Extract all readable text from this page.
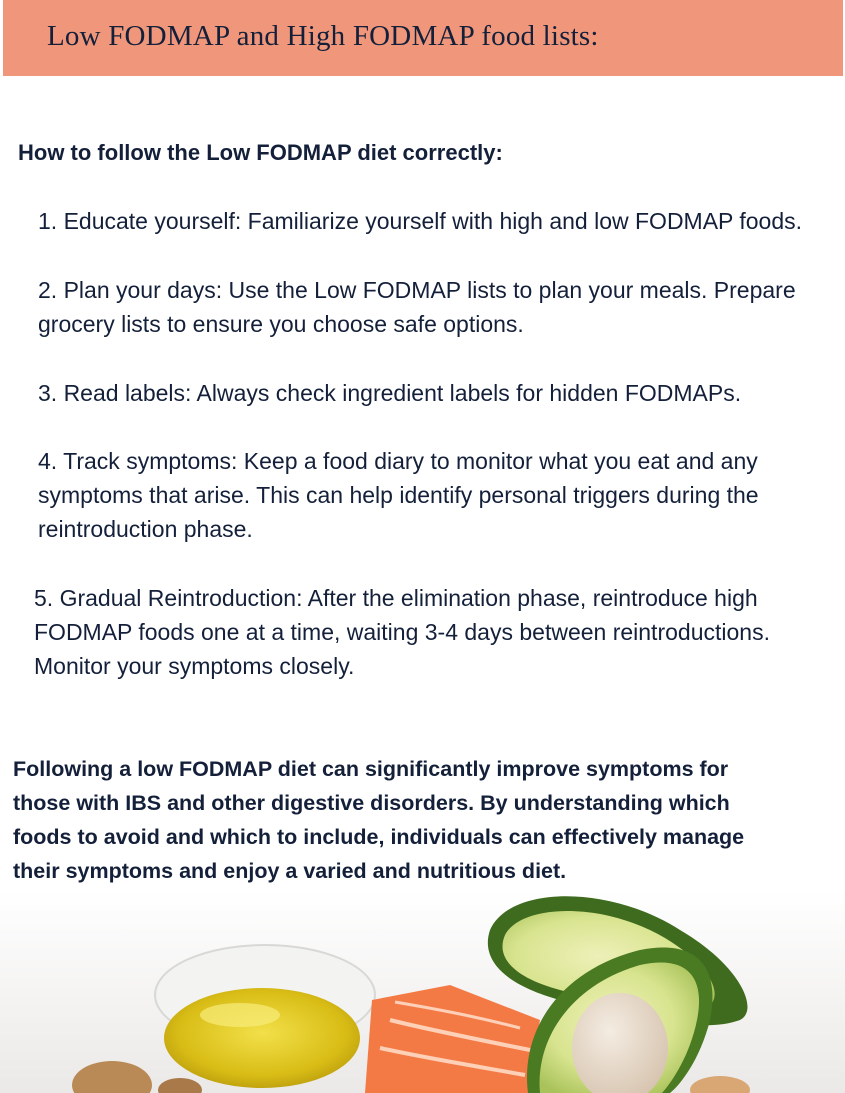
Low FODMAP and High FODMAP food lists:
How to follow the Low FODMAP diet correctly:

1. Educate yourself: Familiarize yourself with high and low FODMAP foods.

2. Plan your days: Use the Low FODMAP lists to plan your meals. Prepare
grocery lists to ensure you choose safe options.

3. Read labels: Always check ingredient labels for hidden FODMAPs.

4. Track symptoms: Keep a food diary to monitor what you eat and any
symptoms that arise. This can help identify personal triggers during the
reintroduction phase.

5. Gradual Reintroduction: After the elimination phase, reintroduce high
FODMAP foods one at a time, waiting 3-4 days between reintroductions.
Monitor your symptoms closely.

Following a low FODMAP diet can significantly improve symptoms for
those with IBS and other digestive disorders. By understanding which
foods to avoid and which to include, individuals can effectively manage
their symptoms and enjoy a varied and nutritious diet.
